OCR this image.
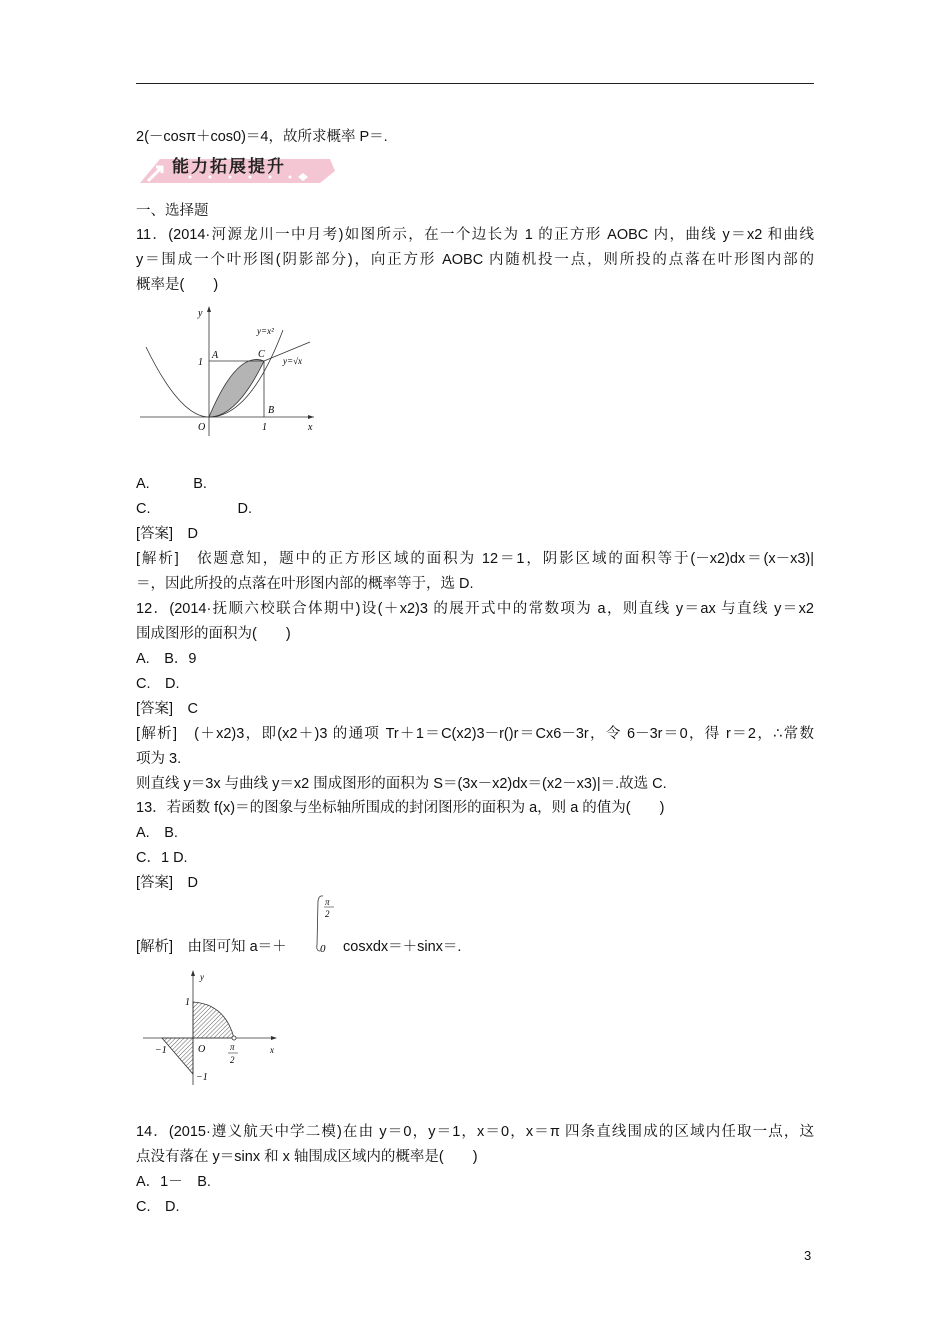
2(－cosπ＋cos0)＝4，故所求概率 P＝.
能力拓展提升
一、选择题
11．(2014·河源龙川一中月考)如图所示，在一个边长为 1 的正方形 AOBC 内，曲线 y＝x2 和曲线
y＝围成一个叶形图(阴影部分)，向正方形 AOBC 内随机投一点，则所投的点落在叶形图内部的
概率是(　　)
y
x
A	C
B
O	1
1
y=x²
y=√x
A.　　　B.
C.　　　　　　D.
[答案]　D
[解析]　依题意知，题中的正方形区域的面积为 12＝1，阴影区域的面积等于(－x2)dx＝(x－x3)|
＝，因此所投的点落在叶形图内部的概率等于，选 D.
12．(2014·抚顺六校联合体期中)设(＋x2)3 的展开式中的常数项为 a，则直线 y＝ax 与直线 y＝x2
围成图形的面积为(　　)
A.　B．9
C.　D.
[答案]　C
[解析]　(＋x2)3，即(x2＋)3 的通项 Tr＋1＝C(x2)3－r()r＝Cx6－3r，令 6－3r＝0，得 r＝2，∴常数
项为 3.
则直线 y＝3x 与曲线 y＝x2 围成图形的面积为 S＝(3x－x2)dx＝(x2－x3)|＝.故选 C.
13．若函数 f(x)＝的图象与坐标轴所围成的封闭图形的面积为 a，则 a 的值为(　　)
A.　B.
C．1 D.
[答案]　D
[解析]　由图可知 a＝＋
π
2
0 cosxdx＝＋sinx＝.
y
x
1
O
−1
−1
π
2
14．(2015·遵义航天中学二模)在由 y＝0，y＝1，x＝0，x＝π 四条直线围成的区域内任取一点，这
点没有落在 y＝sinx 和 x 轴围成区域内的概率是(　　)
A．1－　B.
C.　D.
3
